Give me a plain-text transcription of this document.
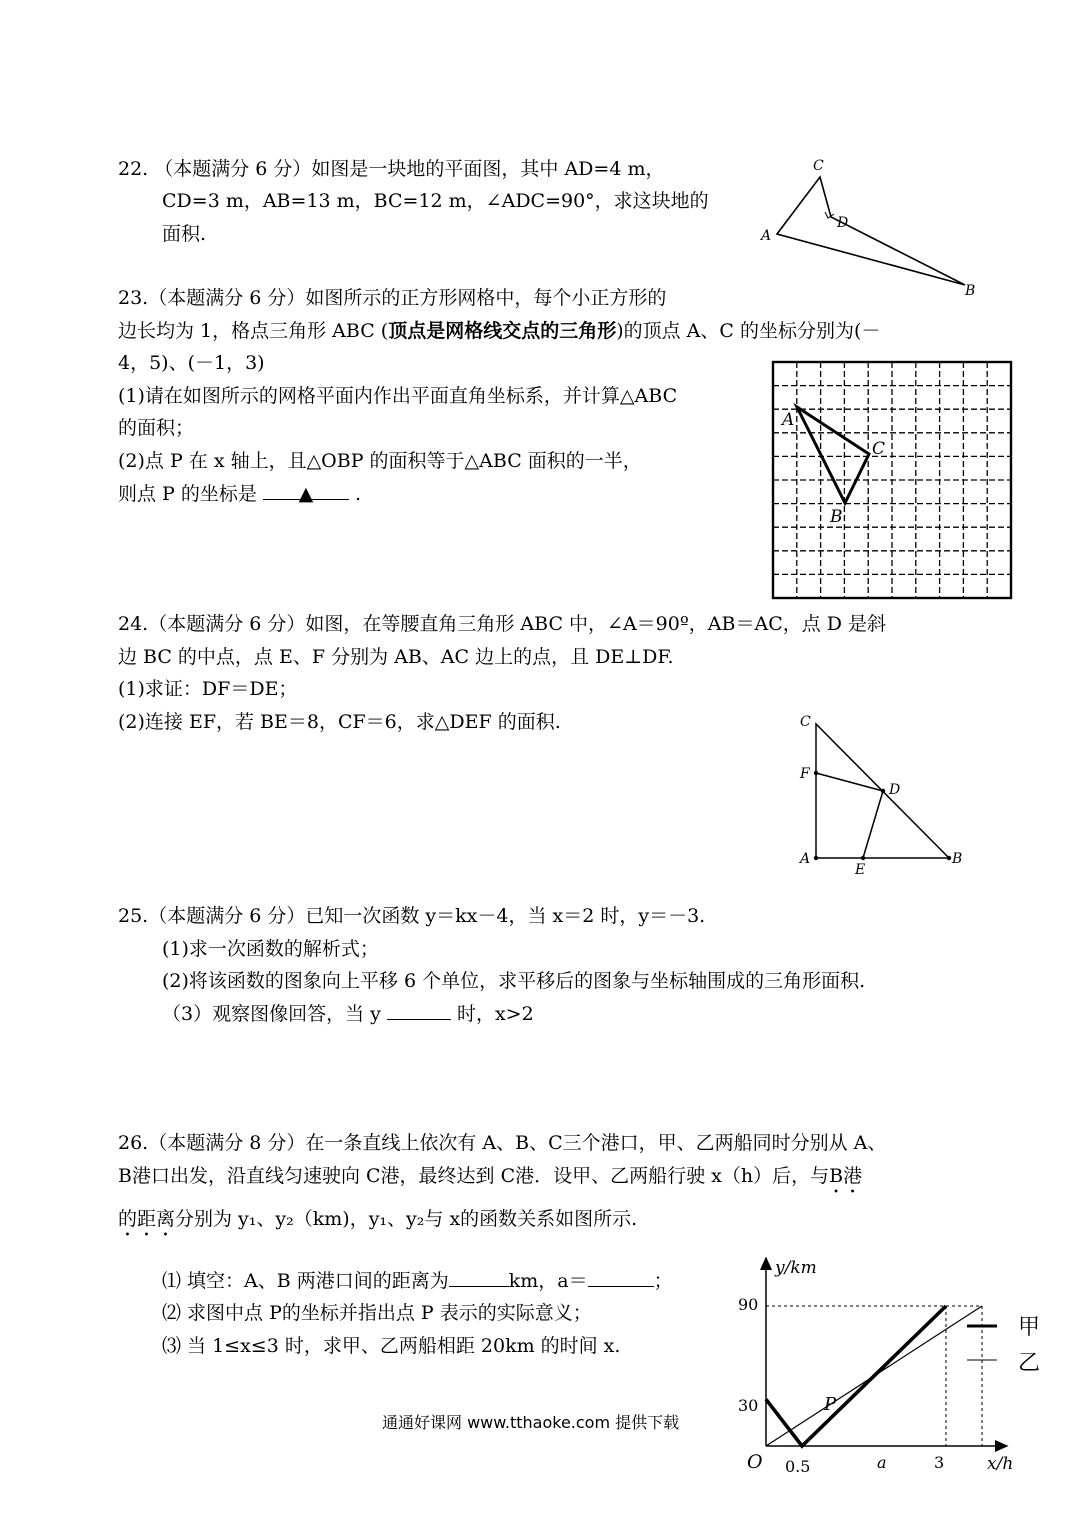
22. （本题满分 6 分）如图是一块地的平面图，其中 AD=4 m，
CD=3 m，AB=13 m，BC=12 m，∠ADC=90°，求这块地的
面积.	A
C
D
B
23.（本题满分 6 分）如图所示的正方形网格中，每个小正方形的
边长均为 1，格点三角形 ABC (顶点是网格线交点的三角形)的顶点 A、C 的坐标分别为(－
4，5)、(－1，3)
(1)请在如图所示的网格平面内作出平面直角坐标系，并计算△ABC
的面积；
(2)点 P 在 x 轴上，且△OBP 的面积等于△ABC 面积的一半，
则点 P 的坐标是 ▲ .
A
C
B
24.（本题满分 6 分）如图，在等腰直角三角形 ABC 中，∠A＝90º，AB＝AC，点 D 是斜
边 BC 的中点，点 E、F 分别为 AB、AC 边上的点，且 DE⊥DF.
(1)求证：DF＝DE；
(2)连接 EF，若 BE＝8，CF＝6，求△DEF 的面积.	C
F
D
A
E
B
25.（本题满分 6 分）已知一次函数 y＝kx－4，当 x＝2 时，y＝－3.
(1)求一次函数的解析式；
(2)将该函数的图象向上平移 6 个单位，求平移后的图象与坐标轴围成的三角形面积.
（3）观察图像回答，当 y	时，x>2
26.（本题满分 8 分）在一条直线上依次有 A、B、C三个港口，甲、乙两船同时分别从 A、
B港口出发，沿直线匀速驶向 C港，最终达到 C港．设甲、乙两船行驶 x（h）后，与B港
的距离分别为 y₁、y₂（km)，y₁、y₂与 x的函数关系如图所示.
⑴ 填空：A、B 两港口间的距离为	km，a＝	；
⑵ 求图中点 P的坐标并指出点 P 表示的实际意义；
⑶ 当 1≤x≤3 时，求甲、乙两船相距 20km 的时间 x.
通通好课网 www.tthaoke.com 提供下载
y/km
x/h
O
90
30
0.5	a	3
P
甲
乙
